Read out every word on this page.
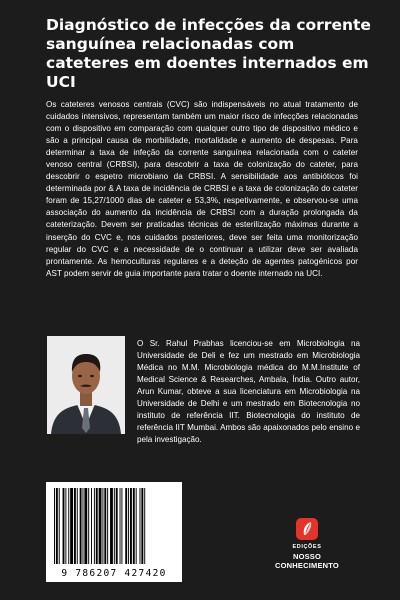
Diagnóstico de infecções da corrente sanguínea relacionadas com cateteres em doentes internados em UCI

Os cateteres venosos centrais (CVC) são indispensáveis no atual tratamento de cuidados intensivos, representam também um maior risco de infecções relacionadas com o dispositivo em comparação com qualquer outro tipo de dispositivo médico e são a principal causa de morbilidade, mortalidade e aumento de despesas. Para determinar a taxa de infeção da corrente sanguínea relacionada com o cateter venoso central (CRBSI), para descobrir a taxa de colonização do cateter, para descobrir o espetro microbiano da CRBSI. A sensibilidade aos antibióticos foi determinada por & A taxa de incidência de CRBSI e a taxa de colonização do cateter foram de 15,27/1000 dias de cateter e 53,3%, respetivamente, e observou-se uma associação do aumento da incidência de CRBSI com a duração prolongada da cateterização. Devem ser praticadas técnicas de esterilização máximas durante a inserção do CVC e, nos cuidados posteriores, deve ser feita uma monitorização regular do CVC e a necessidade de o continuar a utilizar deve ser avaliada prontamente. As hemoculturas regulares e a deteção de agentes patogénicos por AST podem servir de guia importante para tratar o doente internado na UCI.

O Sr. Rahul Prabhas licenciou-se em Microbiologia na Universidade de Deli e fez um mestrado em Microbiologia Médica no M.M. Microbiologia médica do M.M.Institute of Medical Science & Researches, Ambala, Índia. Outro autor, Arun Kumar, obteve a sua licenciatura em Microbiologia na Universidade de Delhi e um mestrado em Biotecnologia no instituto de referência IIT. Biotecnologia do instituto de referência IIT Mumbai. Ambos são apaixonados pelo ensino e pela investigação.

9 786207 427420
EDIÇÕES
NOSSO CONHECIMENTO
